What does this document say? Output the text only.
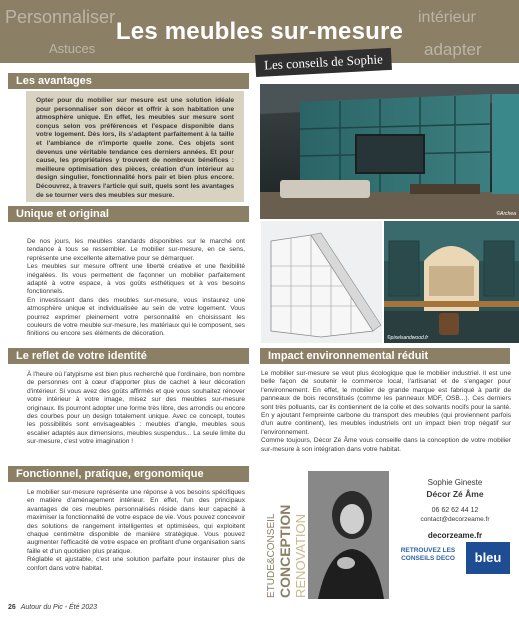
Personnaliser
Astuces
intérieur
adapter
Les meubles sur-mesure
Les conseils de Sophie
Les avantages

Opter pour du mobilier sur mesure est une solution idéale pour personnaliser son décor et offrir à son habitation une atmosphère unique. En effet, les meubles sur mesure sont conçus selon vos préférences et l'espace disponible dans votre logement. Dès lors, ils s'adaptent parfaitement à la taille et l'ambiance de n'importe quelle zone. Ces objets sont devenus une véritable tendance ces derniers années. Et pour cause, les propriétaires y trouvent de nombreux bénéfices : meilleure optimisation des pièces, création d'un intérieur au design singulier, fonctionnalité hors pair et bien plus encore. Découvrez, à travers l'article qui suit, quels sont les avantages de se tourner vers des meubles sur mesure.

Unique et original

De nos jours, les meubles standards disponibles sur le marché ont tendance à tous se ressembler. Le mobilier sur-mesure, en ce sens, représente une excellente alternative pour se démarquer.

Les meubles sur mesure offrent une liberté créative et une flexibilité inégalées. Ils vous permettent de façonner un mobilier parfaitement adapté à votre espace, à vos goûts esthétiques et à vos besoins fonctionnels.

En investissant dans des meubles sur-mesure, vous instaurez une atmosphère unique et individualisée au sein de votre logement. Vous pourrez exprimer pleinement votre personnalité en choisissant les couleurs de votre meuble sur-mesure, les matériaux qui le composent, ses finitions ou encore ses éléments de décoration.

Le reflet de votre identité

À l'heure où l'atypisme est bien plus recherché que l'ordinaire, bon nombre de personnes ont à cœur d'apporter plus de cachet à leur décoration d'intérieur. Si vous avez des goûts affirmés et que vous souhaitez rénover votre intérieur à votre image, misez sur des meubles sur-mesure originaux. Ils pourront adopter une forme très libre, des arrondis ou encore des courbes pour un design totalement unique. Avec ce concept, toutes les possibilités sont envisageables : meubles d'angle, meubles sous escalier adaptés aux dimensions, meubles suspendus... La seule limite du sur-mesure, c'est votre imagination !

Fonctionnel, pratique, ergonomique

Le mobilier sur-mesure représente une réponse à vos besoins spécifiques en matière d'aménagement intérieur. En effet, l'un des principaux avantages de ces meubles personnalisés réside dans leur capacité à maximiser la fonctionnalité de votre espace de vie. Vous pouvez concevoir des solutions de rangement intelligentes et optimisées, qui exploitent chaque centimètre disponible de manière stratégique. Vous pouvez augmenter l'efficacité de votre espace en profitant d'une organisation sans faille et d'un quotidien plus pratique.

Réglable et ajustable, c'est une solution parfaite pour instaurer plus de confort dans votre habitat.

©Archea
©pixelsandwood.fr
Impact environnemental réduit

Le mobilier sur-mesure se veut plus écologique que le mobilier industriel. Il est une belle façon de soutenir le commerce local, l'artisanat et de s'engager pour l'environnement. En effet, le mobilier de grande marque est fabriqué à partir de panneaux de bois reconstitués (comme les panneaux MDF, OSB...). Ces derniers sont très polluants, car ils contiennent de la colle et des solvants nocifs pour la santé. En y ajoutant l'empreinte carbone du transport des meubles (qui proviennent parfois d'un autre continent), les meubles industriels ont un impact bien trop négatif sur l'environnement.

Comme toujours, Décor Zé Âme vous conseille dans la conception de votre mobilier sur-mesure à son intégration dans votre habitat.

ETUDE&CONSEIL CONCEPTION RENOVATION
Sophie Gineste
Décor Zé Âme
06 62 62 44 12
contact@decorzeame.fr
decorzeame.fr
RETROUVEZ LES CONSEILS DECO	bleu
26 Autour du Pic - Été 2023
